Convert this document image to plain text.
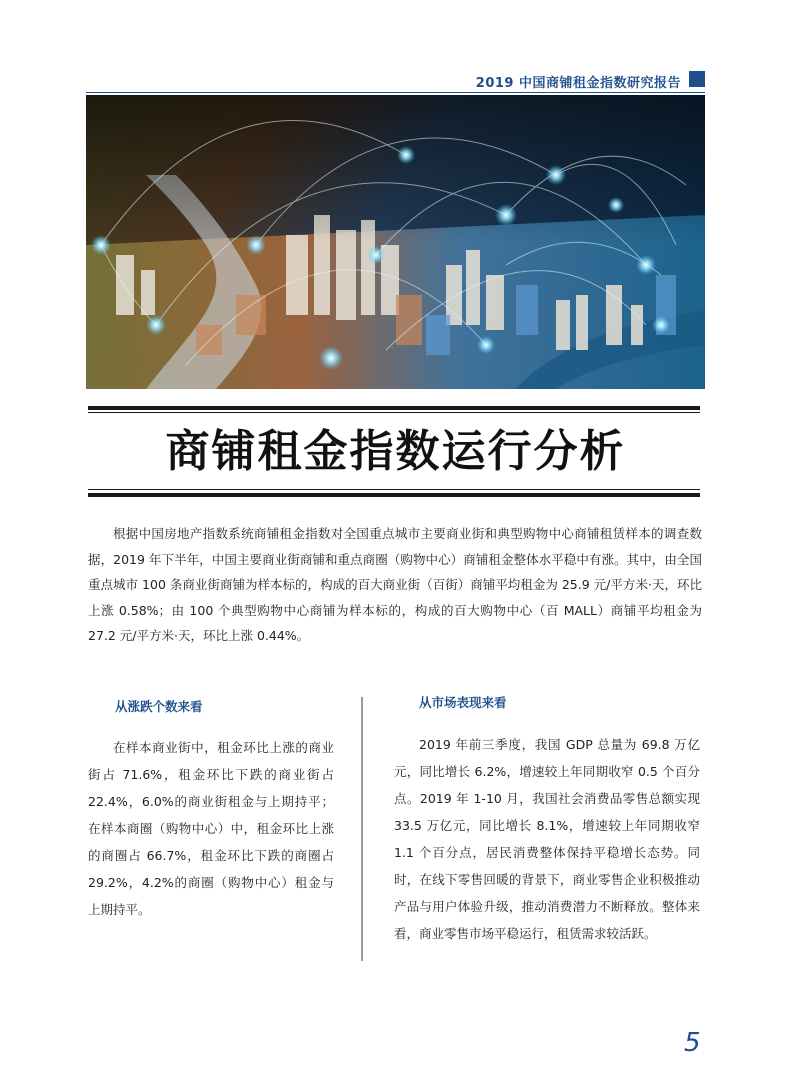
2019 中国商铺租金指数研究报告
商铺租金指数运行分析

根据中国房地产指数系统商铺租金指数对全国重点城市主要商业街和典型购物中心商铺租赁样本的调查数据，2019 年下半年，中国主要商业街商铺和重点商圈（购物中心）商铺租金整体水平稳中有涨。其中，由全国重点城市 100 条商业街商铺为样本标的，构成的百大商业街（百街）商铺平均租金为 25.9 元/平方米·天，环比上涨 0.58%；由 100 个典型购物中心商铺为样本标的，构成的百大购物中心（百 MALL）商铺平均租金为 27.2 元/平方米·天，环比上涨 0.44%。

从涨跌个数来看

在样本商业街中，租金环比上涨的商业街占 71.6%，租金环比下跌的商业街占 22.4%，6.0%的商业街租金与上期持平；在样本商圈（购物中心）中，租金环比上涨的商圈占 66.7%，租金环比下跌的商圈占 29.2%，4.2%的商圈（购物中心）租金与上期持平。

从市场表现来看

2019 年前三季度，我国 GDP 总量为 69.8 万亿元，同比增长 6.2%，增速较上年同期收窄 0.5 个百分点。2019 年 1-10 月，我国社会消费品零售总额实现 33.5 万亿元，同比增长 8.1%，增速较上年同期收窄 1.1 个百分点，居民消费整体保持平稳增长态势。同时，在线下零售回暖的背景下，商业零售企业积极推动产品与用户体验升级，推动消费潜力不断释放。整体来看，商业零售市场平稳运行，租赁需求较活跃。

5
